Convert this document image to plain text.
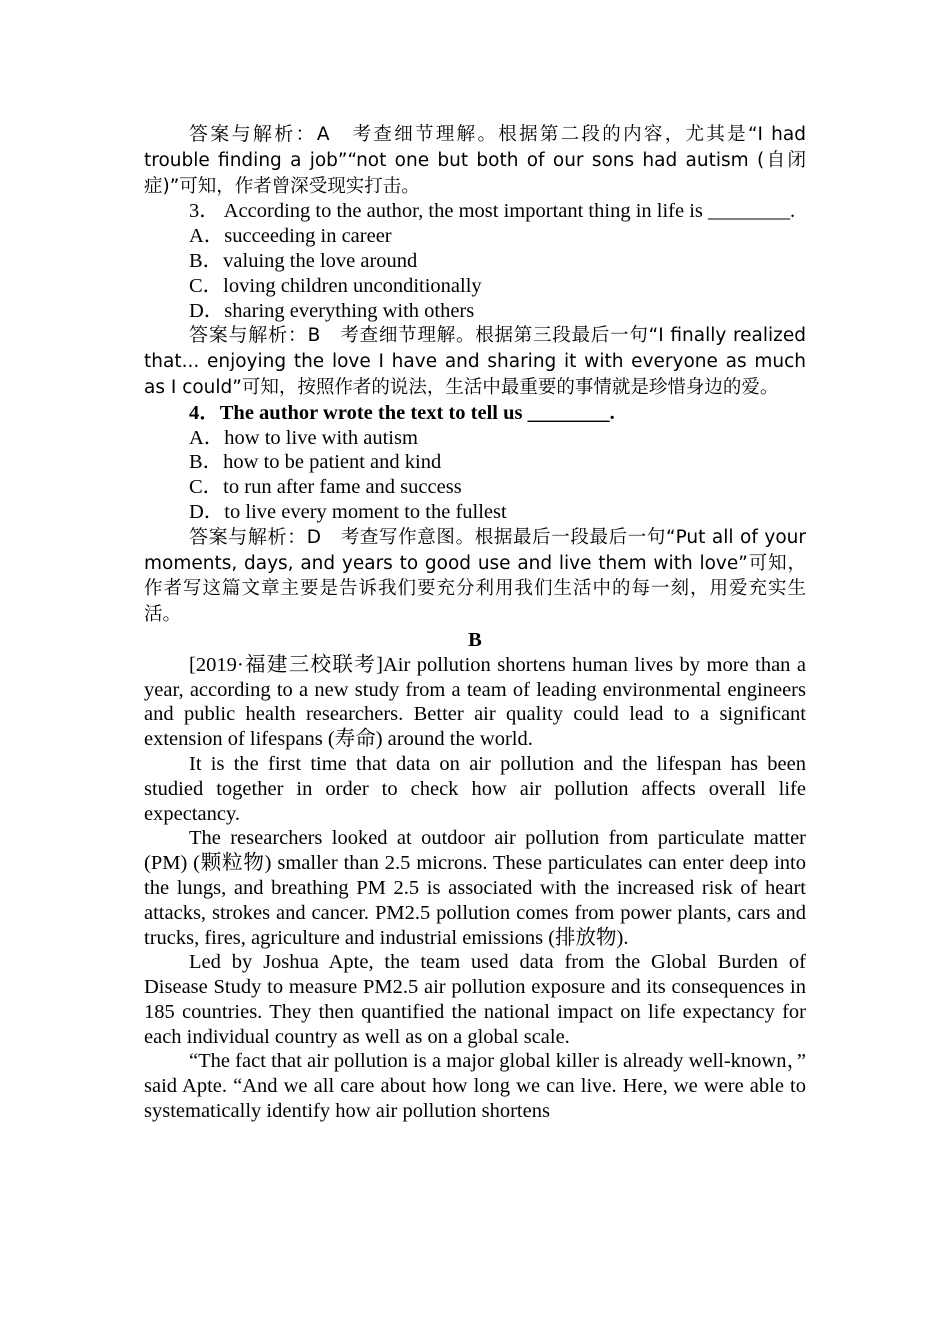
答案与解析：A　考查细节理解。根据第二段的内容，尤其是“I had trouble finding a job”“not one but both of our sons had autism (自闭症)”可知，作者曾深受现实打击。

3． According to the author, the most important thing in life is ________.

A．succeeding in career

B．valuing the love around

C．loving children unconditionally

D．sharing everything with others

答案与解析：B　考查细节理解。根据第三段最后一句“I finally realized that... enjoying the love I have and sharing it with everyone as much as I could”可知，按照作者的说法，生活中最重要的事情就是珍惜身边的爱。

4．The author wrote the text to tell us ________.

A．how to live with autism

B．how to be patient and kind

C．to run after fame and success

D．to live every moment to the fullest

答案与解析：D　考查写作意图。根据最后一段最后一句“Put all of your moments, days, and years to good use and live them with love”可知，作者写这篇文章主要是告诉我们要充分利用我们生活中的每一刻，用爱充实生活。

B

[2019·福建三校联考]Air pollution shortens human lives by more than a year, according to a new study from a team of leading environmental engineers and public health researchers. Better air quality could lead to a significant extension of lifespans (寿命) around the world.

It is the first time that data on air pollution and the lifespan has been studied together in order to check how air pollution affects overall life expectancy.

The researchers looked at outdoor air pollution from particulate matter (PM) (颗粒物) smaller than 2.5 microns. These particulates can enter deep into the lungs, and breathing PM 2.5 is associated with the increased risk of heart attacks, strokes and cancer. PM2.5 pollution comes from power plants, cars and trucks, fires, agriculture and industrial emissions (排放物).

Led by Joshua Apte, the team used data from the Global Burden of Disease Study to measure PM2.5 air pollution exposure and its consequences in 185 countries. They then quantified the national impact on life expectancy for each individual country as well as on a global scale.

“The fact that air pollution is a major global killer is already well-known，” said Apte. “And we all care about how long we can live. Here, we were able to systematically identify how air pollution shortens
